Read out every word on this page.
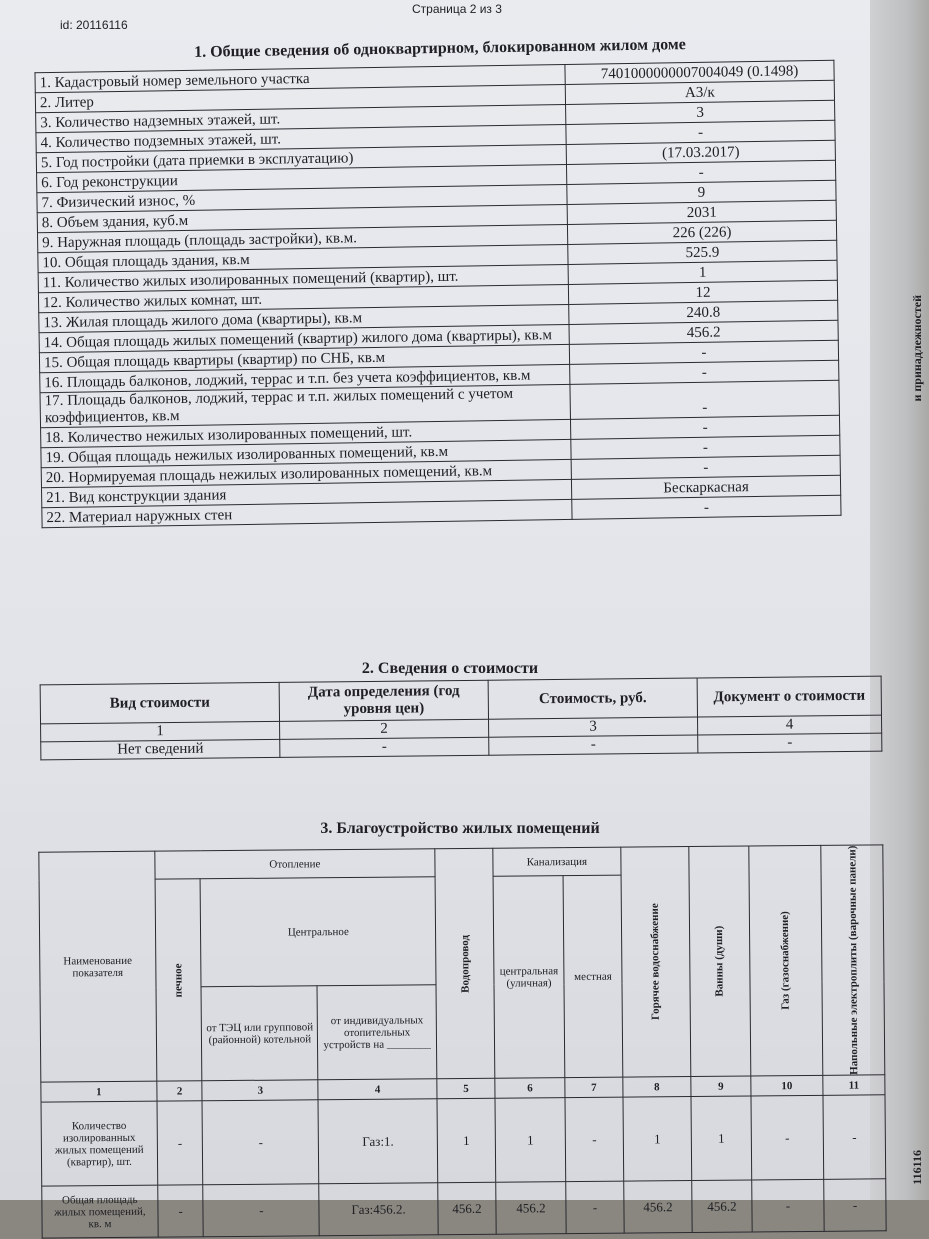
id: 20116116
Страница 2 из 3
1. Общие сведения об одноквартирном, блокированном жилом доме
1. Кадастровый номер земельного участка	7401000000007004049 (0.1498)
2. Литер	А3/к
3. Количество надземных этажей, шт.	3
4. Количество подземных этажей, шт.	-
5. Год постройки (дата приемки в эксплуатацию)	(17.03.2017)
6. Год реконструкции	-
7. Физический износ, %	9
8. Объем здания, куб.м	2031
9. Наружная площадь (площадь застройки), кв.м.	226 (226)
10. Общая площадь здания, кв.м	525.9
11. Количество жилых изолированных помещений (квартир), шт.	1
12. Количество жилых комнат, шт.	12
13. Жилая площадь жилого дома (квартиры), кв.м	240.8
14. Общая площадь жилых помещений (квартир) жилого дома (квартиры), кв.м	456.2
15. Общая площадь квартиры (квартир) по СНБ, кв.м	-
16. Площадь балконов, лоджий, террас и т.п. без учета коэффициентов, кв.м	-
17. Площадь балконов, лоджий, террас и т.п. жилых помещений с учетом коэффициентов, кв.м	-
18. Количество нежилых изолированных помещений, шт.	-
19. Общая площадь нежилых изолированных помещений, кв.м	-
20. Нормируемая площадь нежилых изолированных помещений, кв.м	-
21. Вид конструкции здания	Бескаркасная
22. Материал наружных стен	-
2. Сведения о стоимости
Вид стоимости	Дата определения (год уровня цен)	Стоимость, руб.	Документ о стоимости
1	2	3	4
Нет сведений	-	-	-
3. Благоустройство жилых помещений
Наименование показателя	Отопление			Водопровод	Канализация		Горячее водоснабжение	Ванны (души)	Газ (газоснабжение)	Напольные электроплиты (варочные панели)

	печное	Центральное			центральная (уличная)	местная				
		от ТЭЦ или групповой (районной) котельной	от индивидуальных отопительных устройств на ________							
1	2	3	4	5	6	7	8	9	10	11
Количество изолированных жилых помещений (квартир), шт.	-	-	Газ:1.	1	1	-	1	1	-	-
Общая площадь жилых помещений, кв. м	-	-	Газ:456.2.	456.2	456.2	-	456.2	456.2	-	-
и принадлежностей
116116
